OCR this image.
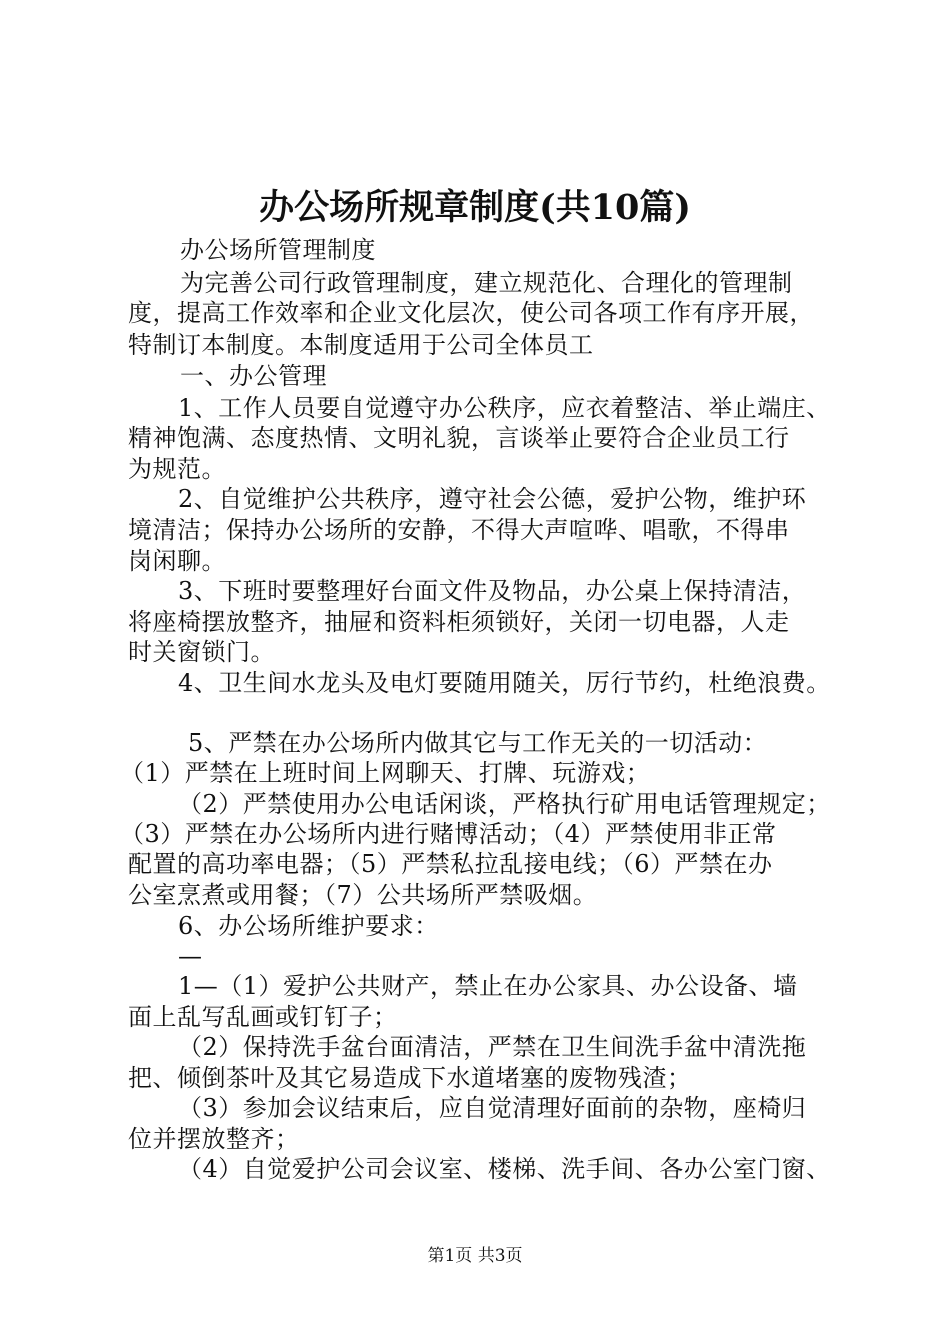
办公场所规章制度(共10篇)
办公场所管理制度
为完善公司行政管理制度，建立规范化、合理化的管理制
度，提高工作效率和企业文化层次，使公司各项工作有序开展，
特制订本制度。本制度适用于公司全体员工
一、办公管理
1、工作人员要自觉遵守办公秩序，应衣着整洁、举止端庄、
精神饱满、态度热情、文明礼貌，言谈举止要符合企业员工行
为规范。
2、自觉维护公共秩序，遵守社会公德，爱护公物，维护环
境清洁；保持办公场所的安静，不得大声喧哗、唱歌，不得串
岗闲聊。
3、下班时要整理好台面文件及物品，办公桌上保持清洁，
将座椅摆放整齐，抽屉和资料柜须锁好，关闭一切电器，人走
时关窗锁门。
4、卫生间水龙头及电灯要随用随关，厉行节约，杜绝浪费。
5、严禁在办公场所内做其它与工作无关的一切活动：
（1）严禁在上班时间上网聊天、打牌、玩游戏；
（2）严禁使用办公电话闲谈，严格执行矿用电话管理规定；
（3）严禁在办公场所内进行赌博活动；（4）严禁使用非正常
配置的高功率电器；（5）严禁私拉乱接电线；（6）严禁在办
公室烹煮或用餐；（7）公共场所严禁吸烟。
6、办公场所维护要求：
—
1—（1）爱护公共财产，禁止在办公家具、办公设备、墙
面上乱写乱画或钉钉子；
（2）保持洗手盆台面清洁，严禁在卫生间洗手盆中清洗拖
把、倾倒茶叶及其它易造成下水道堵塞的废物残渣；
（3）参加会议结束后，应自觉清理好面前的杂物，座椅归
位并摆放整齐；
（4）自觉爱护公司会议室、楼梯、洗手间、各办公室门窗、
第1页 共3页
